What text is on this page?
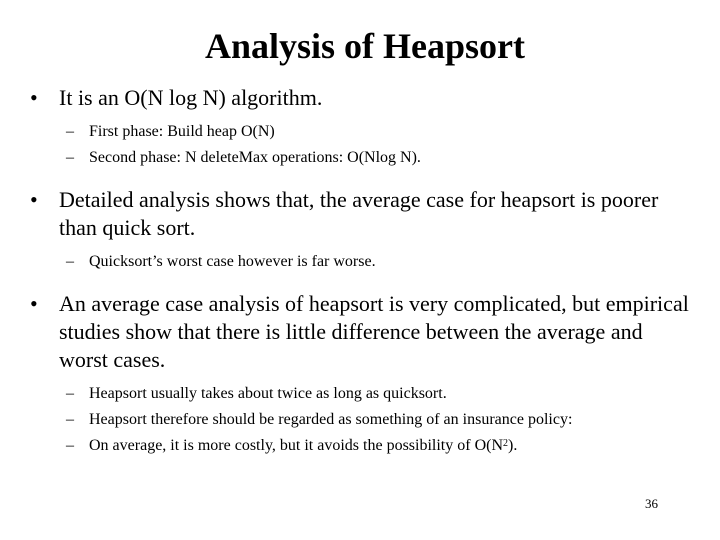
Analysis of Heapsort
• It is an O(N log N) algorithm.
– First phase: Build heap O(N)
– Second phase: N deleteMax operations: O(Nlog N).
• Detailed analysis shows that, the average case for heapsort is poorer than quick sort.
– Quicksort’s worst case however is far worse.
• An average case analysis of heapsort is very complicated, but empirical studies show that there is little difference between the average and worst cases.
– Heapsort usually takes about twice as long as quicksort.
– Heapsort therefore should be regarded as something of an insurance policy:
– On average, it is more costly, but it avoids the possibility of $O(N^2)$.
36
